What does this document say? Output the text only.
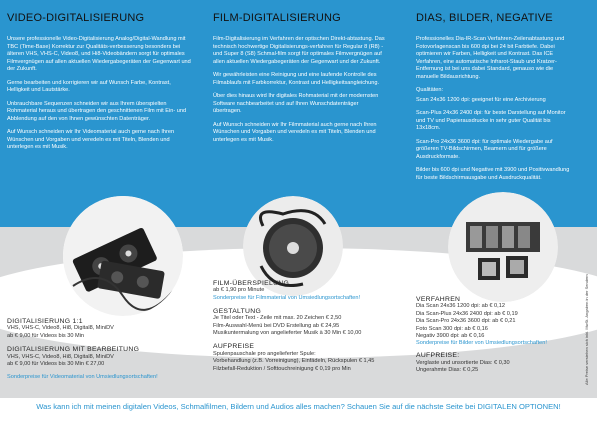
VIDEO-DIGITALISIERUNG	FILM-DIGITALISIERUNG	DIAS, BILDER, NEGATIVE

Unsere professionelle Video-Digitalisierung Analog/Digital-Wandlung mit TBC (Time-Base) Korrektur zur Qualitäts-verbesserung besonders bei älteren VHS, VHS-C, Video8, und Hi8-Videobändern sorgt für optimales Filmvergnügen auf allen aktuellen Wiedergabegeräten der Gegenwart und der Zukunft.

Gerne bearbeiten und korrigieren wir auf Wunsch Farbe, Kontrast, Helligkeit und Lautstärke.

Unbrauchbare Sequenzen schneiden wir aus Ihrem überspielten Rohmaterial heraus und übertragen den geschnittenen Film mit Ein- und Abblendung auf den von Ihnen gewünschten Datenträger.

Auf Wunsch schneiden wir Ihr Videomaterial auch gerne nach Ihren Wünschen und Vorgaben und veredeln es mit Titeln, Blenden und unterlegen es mit Musik.

Film-Digitalisierung im Verfahren der optischen Direkt-abtastung. Das technisch hochwertige Digitalisierungs-verfahren für Regular 8 (R8) - und Super 8 (S8) Schmal-film sorgt für optimales Filmvergnügen auf allen aktuellen Wiedergabegeräten der Gegenwart und der Zukunft.

Wir gewährleisten eine Reinigung und eine laufende Kontrolle des Filmablaufs mit Farbkorrektur, Kontrast und Helligkeitsangleichung.

Über dies hinaus wird Ihr digitales Rohmaterial mit der modernsten Software nachbearbeitet und auf Ihren Wunschdatenträger übertragen.

Auf Wunsch schneiden wir Ihr Filmmaterial auch gerne nach Ihren Wünschen und Vorgaben und veredeln es mit Titeln, Blenden und unterlegen es mit Musik.

Professionelles Dia-IR-Scan Verfahren-Zeilenabtastung und Fotovorlagenscan bis 600 dpi bei 24 bit Farbtiefe. Dabei optimieren wir Farben, Helligkeit und Kontrast. Das ICE Verfahren, eine automatische Infrarot-Staub und Kratzer-Entfernung ist bei uns dabei Standard, genauso wie die manuelle Bildausrichtung.

Qualitäten:

Scan 24x36 1200 dpi: geeignet für eine Archivierung

Scan-Plus 24x36 2400 dpi: für beste Darstellung auf Monitor und TV und Papierausdrucke in sehr guter Qualität bis 13x18cm.

Scan-Pro 24x36 3600 dpi: für optimale Wiedergabe auf größeren TV-Bildschirmen, Beamern und für größere Ausdruckformate.

Bilder bis 600 dpi und Negative mit 3900 und Positivwandlung für beste Bildschirmausgabe und Ausdruckqualität.

DIGITALISIERUNG 1:1
VHS, VHS-C, Video8, Hi8, Digital8, MiniDV
ab € 9,00 für Videos bis 30 Min
DIGITALISIERUNG MIT BEARBEITUNG
VHS, VHS-C, Video8, Hi8, Digital8, MiniDV
ab € 9,00 für Videos bis 30 Min € 27,00
Sonderpreise für Videomaterial von Umsiedlungsortschaften!
FILM-ÜBERSPIELUNG
ab € 1,90 pro Minute
Sonderpreise für Filmmaterial von Umsiedlungsortschaften!
GESTALTUNG
Je Titel oder Text - Zeile mit max. 20 Zeichen € 2,50
Film-Auswahl-Menü bei DVD Erstellung ab € 24,95
Musikuntermalung von angelieferter Musik à 30 Min € 10,00
AUFPREISE
Spulenpauschale pro angelieferter Spule:
Vorbehandlung (z.B. Vorreinigung), Einfädeln, Rückspulen € 1,45
Filzbefall-Reduktion / Softtouchreinigung € 0,19 pro Min
VERFAHREN
Dia Scan 24x36 1200 dpi: ab € 0,12
Dia Scan-Plus 24x36 2400 dpi: ab € 0,19
Dia Scan-Pro 24x36 3600 dpi: ab € 0,21
Foto Scan 300 dpi: ab € 0,16
Negativ 3900 dpi: ab € 0,16
Sonderpreise für Bilder von Umsiedlungsortschaften!
AUFPREISE:
Verglaste und unsortierte Dias: € 0,30
Ungerahmte Dias: € 0,25	Alle Preise verstehen sich inkl. MwSt. Angaben in der Sendern
Was kann ich mit meinen digitalen Videos, Schmalfilmen, Bildern und Audios alles machen? Schauen Sie auf die nächste Seite bei DIGITALEN OPTIONEN!
